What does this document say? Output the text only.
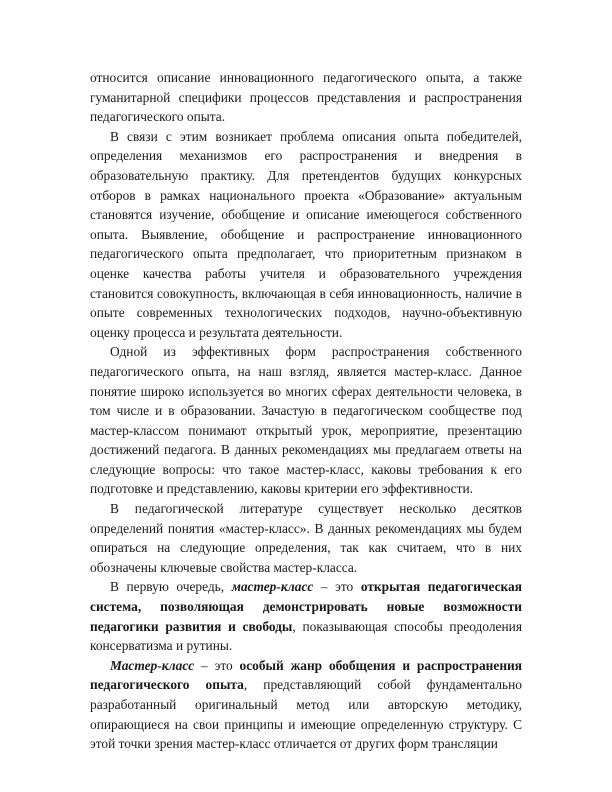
относится описание инновационного педагогического опыта, а также гуманитарной специфики процессов представления и распространения педагогического опыта.

В связи с этим возникает проблема описания опыта победителей, определения механизмов его распространения и внедрения в образовательную практику. Для претендентов будущих конкурсных отборов в рамках национального проекта «Образование» актуальным становятся изучение, обобщение и описание имеющегося собственного опыта. Выявление, обобщение и распространение инновационного педагогического опыта предполагает, что приоритетным признаком в оценке качества работы учителя и образовательного учреждения становится совокупность, включающая в себя инновационность, наличие в опыте современных технологических подходов, научно-объективную оценку процесса и результата деятельности.

Одной из эффективных форм распространения собственного педагогического опыта, на наш взгляд, является мастер-класс. Данное понятие широко используется во многих сферах деятельности человека, в том числе и в образовании. Зачастую в педагогическом сообществе под мастер-классом понимают открытый урок, мероприятие, презентацию достижений педагога. В данных рекомендациях мы предлагаем ответы на следующие вопросы: что такое мастер-класс, каковы требования к его подготовке и представлению, каковы критерии его эффективности.

В педагогической литературе существует несколько десятков определений понятия «мастер-класс». В данных рекомендациях мы будем опираться на следующие определения, так как считаем, что в них обозначены ключевые свойства мастер-класса.

В первую очередь, мастер-класс – это открытая педагогическая система, позволяющая демонстрировать новые возможности педагогики развития и свободы, показывающая способы преодоления консерватизма и рутины.

Мастер-класс – это особый жанр обобщения и распространения педагогического опыта, представляющий собой фундаментально разработанный оригинальный метод или авторскую методику, опирающиеся на свои принципы и имеющие определенную структуру. С этой точки зрения мастер-класс отличается от других форм трансляции
